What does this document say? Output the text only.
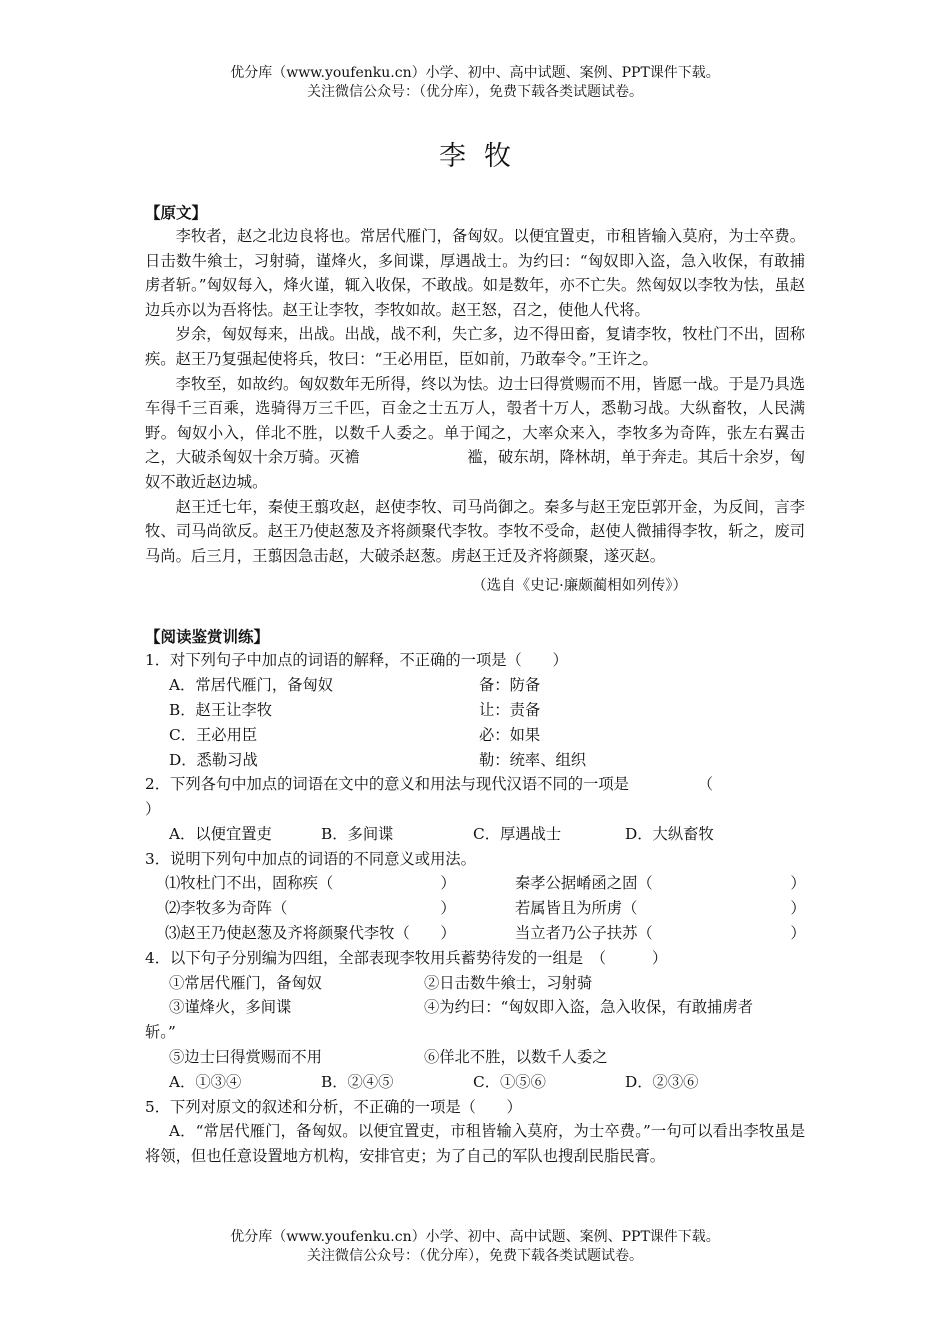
优分库（www.youfenku.cn）小学、初中、高中试题、案例、PPT课件下载。
关注微信公众号：（优分库），免费下载各类试题试卷。
李牧

【原文】

李牧者，赵之北边良将也。常居代雁门，备匈奴。以便宜置吏，市租皆输入莫府，为士卒费。日击数牛飨士，习射骑，谨烽火，多间谍，厚遇战士。为约曰：“匈奴即入盗，急入收保，有敢捕虏者斩。”匈奴每入，烽火谨，辄入收保，不敢战。如是数年，亦不亡失。然匈奴以李牧为怯，虽赵边兵亦以为吾将怯。赵王让李牧，李牧如故。赵王怒，召之，使他人代将。

岁余，匈奴每来，出战。出战，战不利，失亡多，边不得田畜，复请李牧，牧杜门不出，固称疾。赵王乃复强起使将兵，牧曰：“王必用臣，臣如前，乃敢奉令。”王许之。

李牧至，如故约。匈奴数年无所得，终以为怯。边士曰得赏赐而不用，皆愿一战。于是乃具选车得千三百乘，选骑得万三千匹，百金之士五万人，彀者十万人，悉勒习战。大纵畜牧，人民满野。匈奴小入，佯北不胜，以数千人委之。单于闻之，大率众来入，李牧多为奇阵，张左右翼击之，大破杀匈奴十余万骑。灭襜　　　　　　　褴，破东胡，降林胡，单于奔走。其后十余岁，匈奴不敢近赵边城。

赵王迁七年，秦使王翦攻赵，赵使李牧、司马尚御之。秦多与赵王宠臣郭开金，为反间，言李牧、司马尚欲反。赵王乃使赵葱及齐将颜聚代李牧。李牧不受命，赵使人微捕得李牧，斩之，废司马尚。后三月，王翦因急击赵，大破杀赵葱。虏赵王迁及齐将颜聚，遂灭赵。

（选自《史记·廉颇蔺相如列传》）

【阅读鉴赏训练】

1．对下列句子中加点的词语的解释，不正确的一项是（　　）

A．常居代雁门，备匈奴	备：防备
B．赵王让李牧	让：责备
C．王必用臣	必：如果
D．悉勒习战	勒：统率、组织

2．下列各句中加点的词语在文中的意义和用法与现代汉语不同的一项是　　　　　（

）

A．以便宜置吏	B．多间谍	C．厚遇战士	D．大纵畜牧

3．说明下列句中加点的词语的不同意义或用法。

⑴牧杜门不出，固称疾（　　　　　　　）	秦孝公据崤函之固（　　　　　　　　　）
⑵李牧多为奇阵（　　　　　　　　　　）	若属皆且为所虏（　　　　　　　　　　）
⑶赵王乃使赵葱及齐将颜聚代李牧（　　）	当立者乃公子扶苏（　　　　　　　　　）

4．以下句子分别编为四组，全部表现李牧用兵蓄势待发的一组是　（　　　）

①常居代雁门，备匈奴	②日击数牛飨士，习射骑
③谨烽火，多间谍	④为约曰：“匈奴即入盗，急入收保，有敢捕虏者

斩。”

⑤边士曰得赏赐而不用	⑥佯北不胜，以数千人委之
A．①③④	B．②④⑤	C．①⑤⑥	D．②③⑥

5．下列对原文的叙述和分析，不正确的一项是（　　）

A．“常居代雁门，备匈奴。以便宜置吏，市租皆输入莫府，为士卒费。”一句可以看出李牧虽是将领，但也任意设置地方机构，安排官吏；为了自己的军队也搜刮民脂民膏。

优分库（www.youfenku.cn）小学、初中、高中试题、案例、PPT课件下载。
关注微信公众号：（优分库），免费下载各类试题试卷。
